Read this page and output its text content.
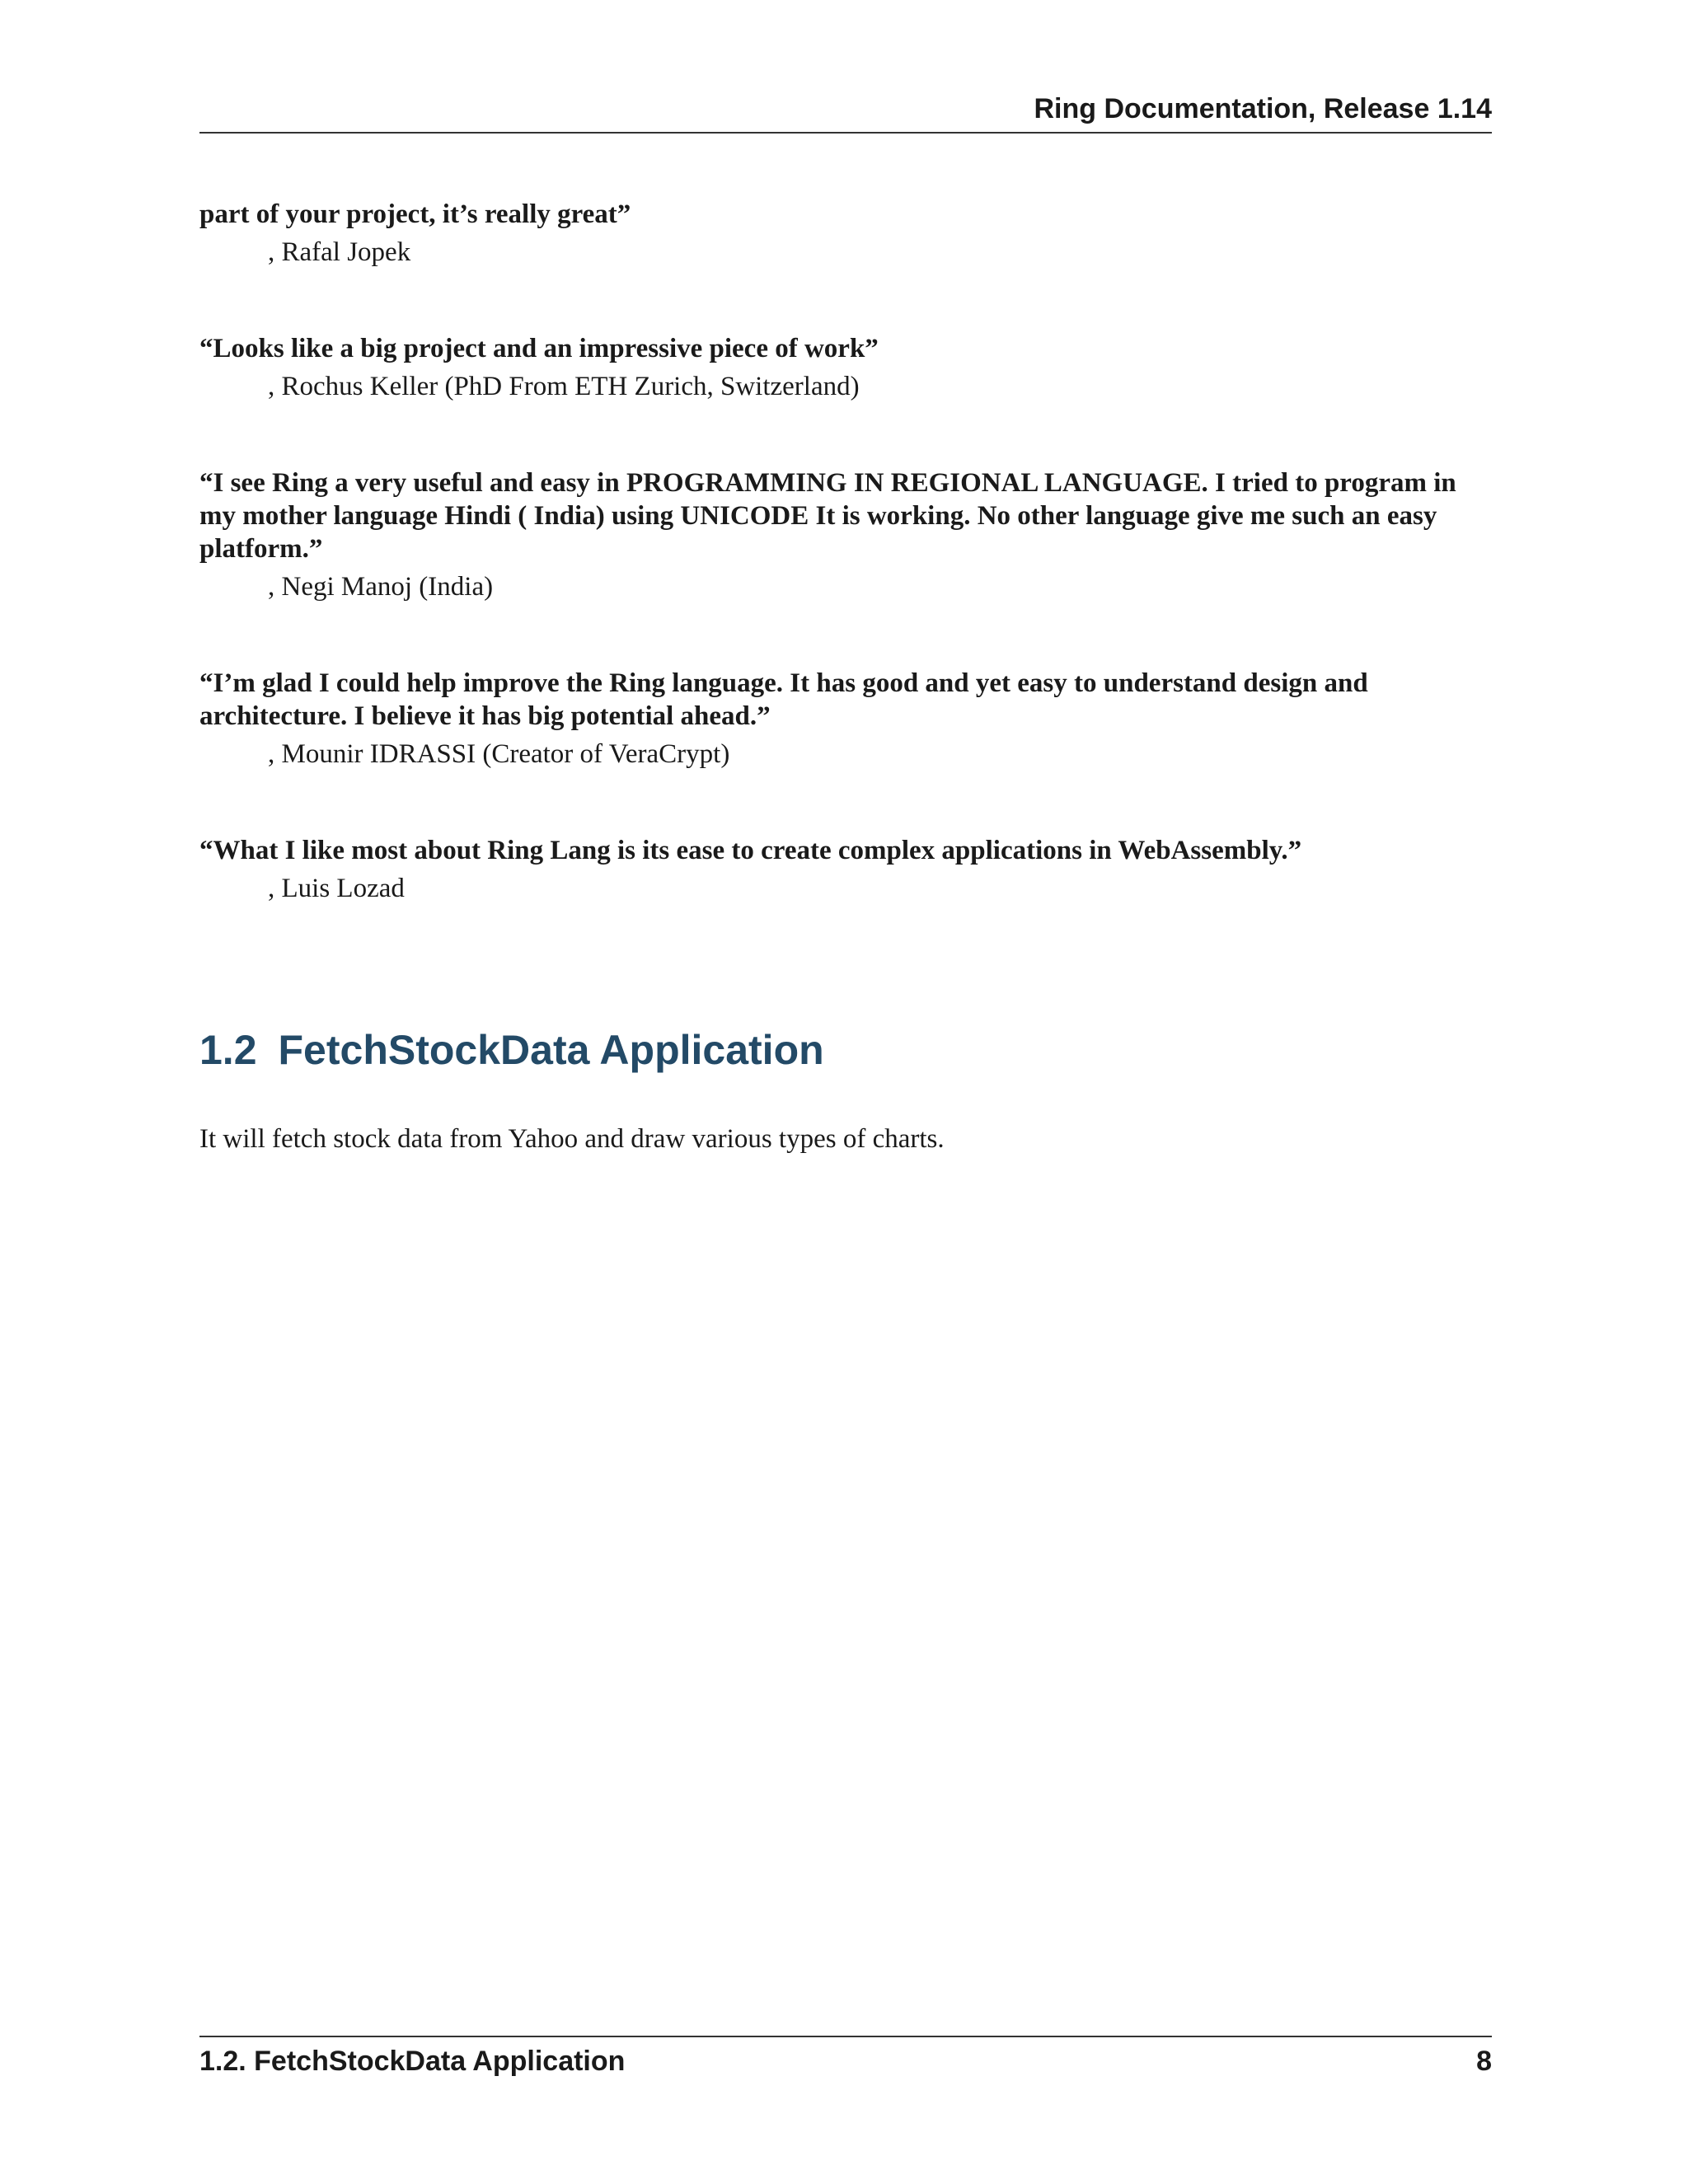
Ring Documentation, Release 1.14

part of your project, it’s really great”

, Rafal Jopek

“Looks like a big project and an impressive piece of work”

, Rochus Keller (PhD From ETH Zurich, Switzerland)

“I see Ring a very useful and easy in PROGRAMMING IN REGIONAL LANGUAGE. I tried to program in my mother language Hindi ( India) using UNICODE It is working. No other language give me such an easy platform.”

, Negi Manoj (India)

“I’m glad I could help improve the Ring language. It has good and yet easy to understand design and architecture. I believe it has big potential ahead.”

, Mounir IDRASSI (Creator of VeraCrypt)

“What I like most about Ring Lang is its ease to create complex applications in WebAssembly.”

, Luis Lozad

1.2 FetchStockData Application

It will fetch stock data from Yahoo and draw various types of charts.

1.2. FetchStockData Application	8
